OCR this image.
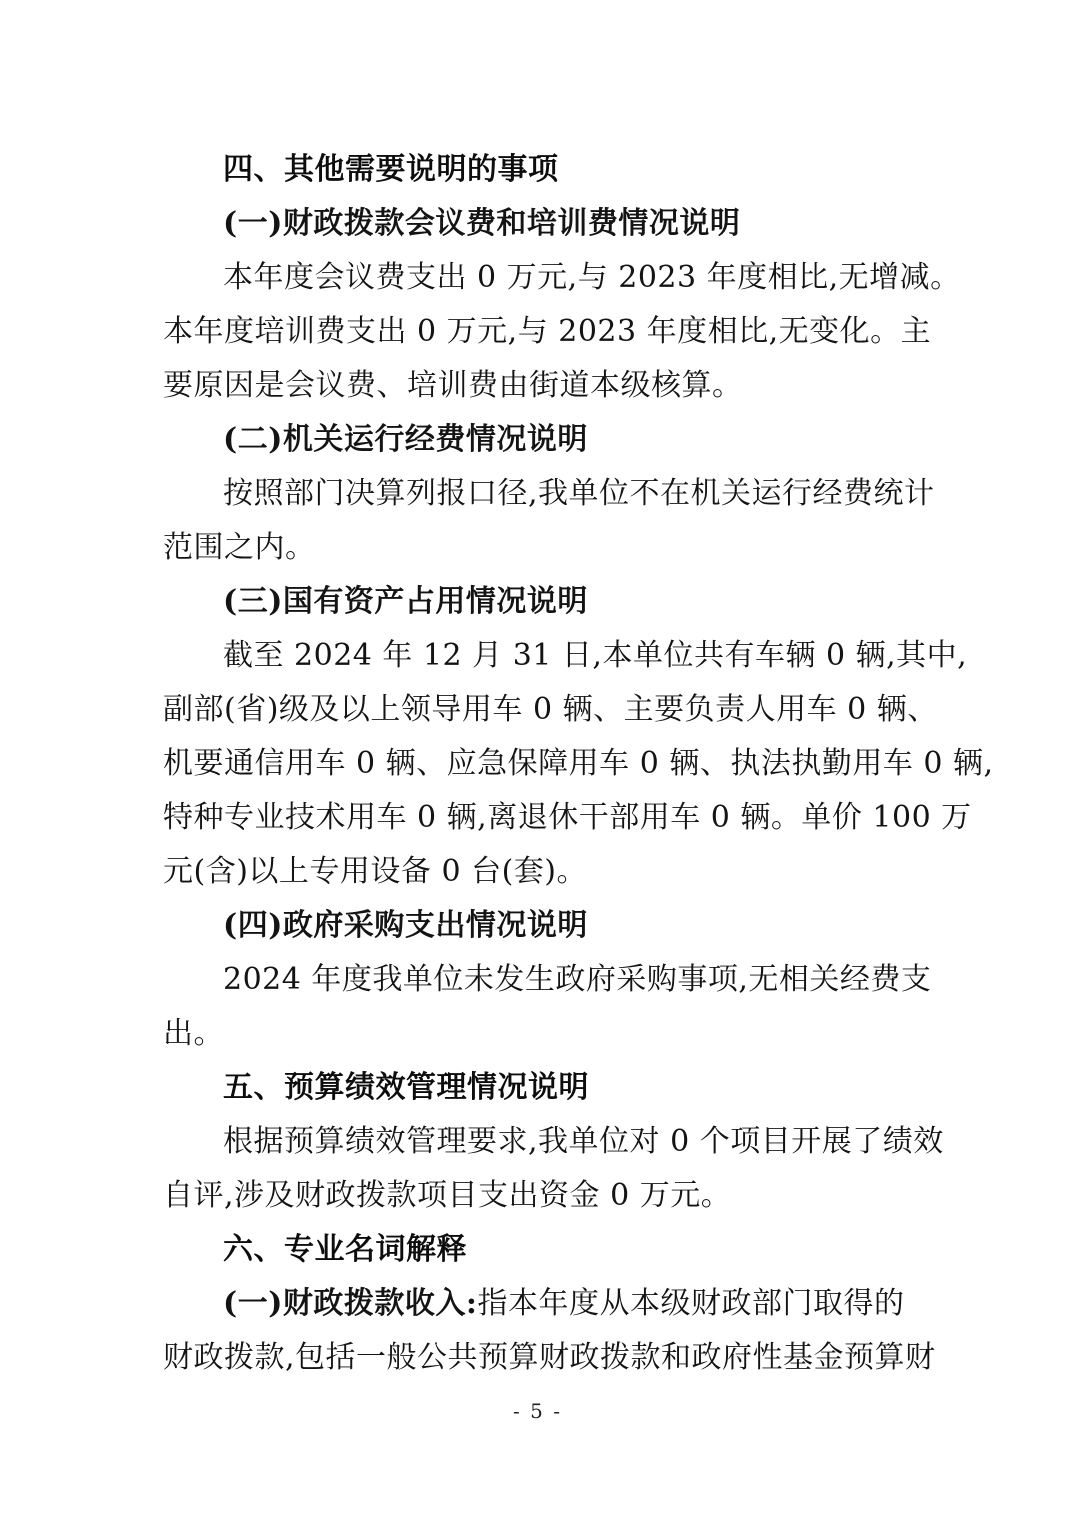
四、其他需要说明的事项
(一)财政拨款会议费和培训费情况说明
本年度会议费支出 0 万元,与 2023 年度相比,无增减。
本年度培训费支出 0 万元,与 2023 年度相比,无变化。主
要原因是会议费、培训费由街道本级核算。
(二)机关运行经费情况说明
按照部门决算列报口径,我单位不在机关运行经费统计
范围之内。
(三)国有资产占用情况说明
截至 2024 年 12 月 31 日,本单位共有车辆 0 辆,其中,
副部(省)级及以上领导用车 0 辆、主要负责人用车 0 辆、
机要通信用车 0 辆、应急保障用车 0 辆、执法执勤用车 0 辆,
特种专业技术用车 0 辆,离退休干部用车 0 辆。单价 100 万
元(含)以上专用设备 0 台(套)。
(四)政府采购支出情况说明
2024 年度我单位未发生政府采购事项,无相关经费支
出。
五、预算绩效管理情况说明
根据预算绩效管理要求,我单位对 0 个项目开展了绩效
自评,涉及财政拨款项目支出资金 0 万元。
六、专业名词解释
(一)财政拨款收入: 指本年度从本级财政部门取得的
财政拨款,包括一般公共预算财政拨款和政府性基金预算财
- 5 -
